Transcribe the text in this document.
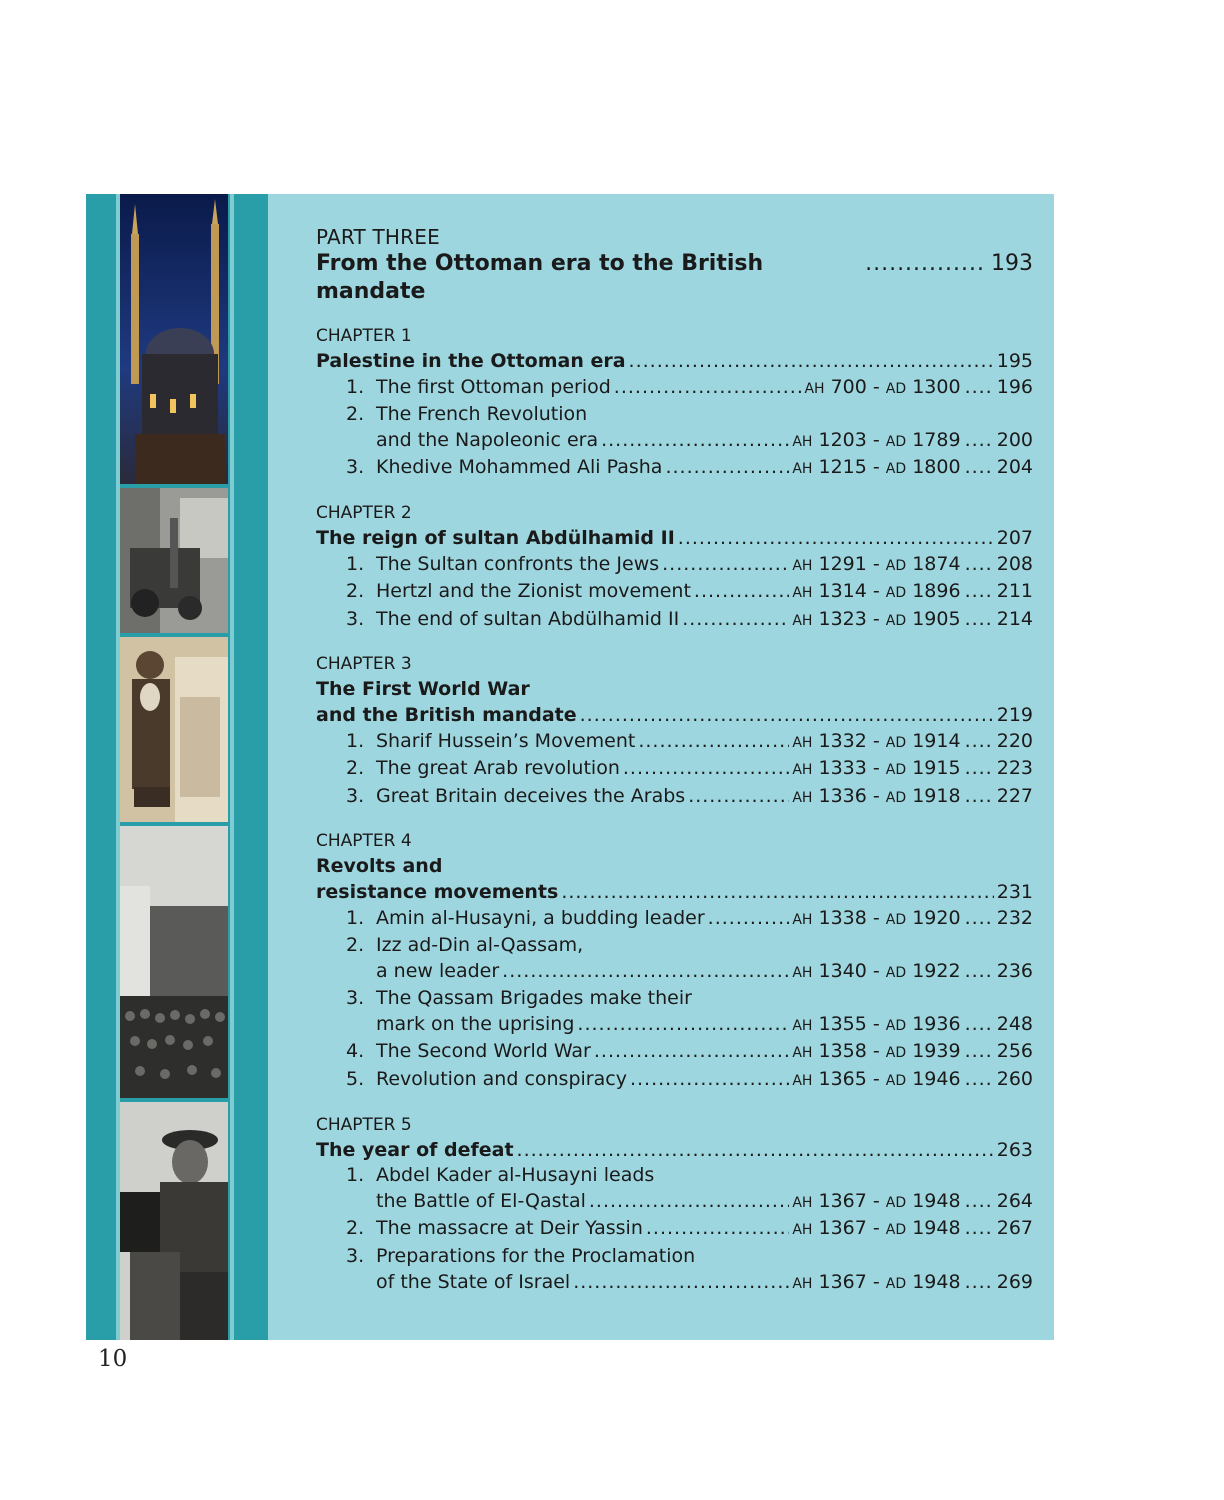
PART THREE
From the Ottoman era to the British mandate
............... 193
CHAPTER 1
Palestine in the Ottoman era .....	195
1. The first Ottoman period .....	AH 700 - AD 1300 .... 196
2. The French Revolution
and the Napoleonic era .....	AH 1203 - AD 1789 .... 200
3. Khedive Mohammed Ali Pasha .....	AH 1215 - AD 1800 .... 204
CHAPTER 2
The reign of sultan Abdülhamid II .....	207
1. The Sultan confronts the Jews .....	AH 1291 - AD 1874 .... 208
2. Hertzl and the Zionist movement .....	AH 1314 - AD 1896 .... 211
3. The end of sultan Abdülhamid II .....	AH 1323 - AD 1905 .... 214
CHAPTER 3
The First World War
and the British mandate .....	219
1. Sharif Hussein’s Movement .....	AH 1332 - AD 1914 .... 220
2. The great Arab revolution .....	AH 1333 - AD 1915 .... 223
3. Great Britain deceives the Arabs .....	AH 1336 - AD 1918 .... 227
CHAPTER 4
Revolts and
resistance movements .....	231
1. Amin al-Husayni, a budding leader .....	AH 1338 - AD 1920 .... 232
2. Izz ad-Din al-Qassam,
a new leader .....	AH 1340 - AD 1922 .... 236
3. The Qassam Brigades make their
mark on the uprising .....	AH 1355 - AD 1936 .... 248
4. The Second World War .....	AH 1358 - AD 1939 .... 256
5. Revolution and conspiracy .....	AH 1365 - AD 1946 .... 260
CHAPTER 5
The year of defeat .....	263
1. Abdel Kader al-Husayni leads
the Battle of El-Qastal .....	AH 1367 - AD 1948 .... 264
2. The massacre at Deir Yassin .....	AH 1367 - AD 1948 .... 267
3. Preparations for the Proclamation
of the State of Israel .....	AH 1367 - AD 1948 .... 269
10
